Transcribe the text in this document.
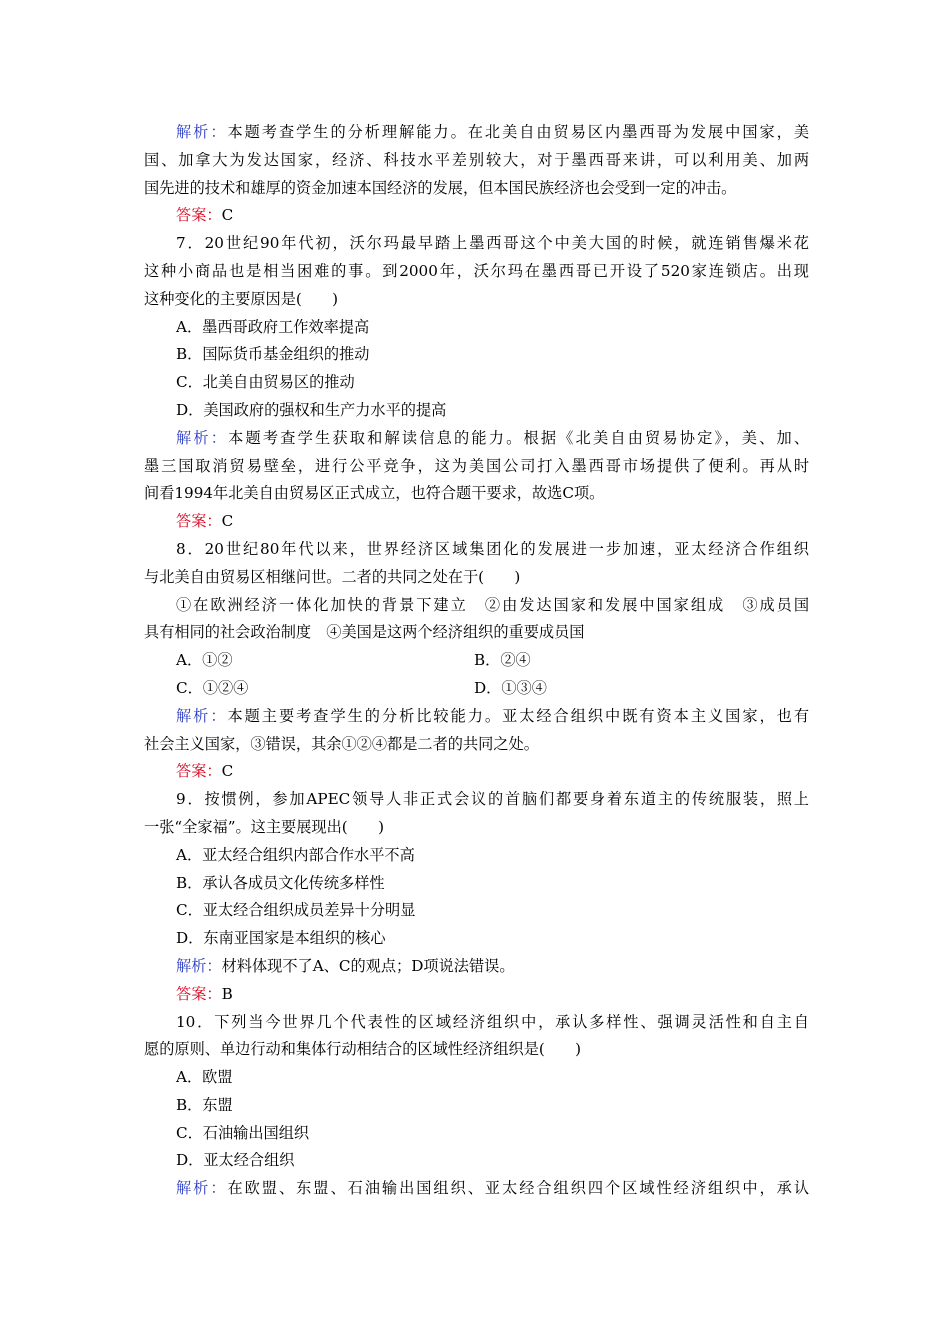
解析：本题考查学生的分析理解能力。在北美自由贸易区内墨西哥为发展中国家，美
国、加拿大为发达国家，经济、科技水平差别较大，对于墨西哥来讲，可以利用美、加两
国先进的技术和雄厚的资金加速本国经济的发展，但本国民族经济也会受到一定的冲击。
答案：C
7．20世纪90年代初，沃尔玛最早踏上墨西哥这个中美大国的时候，就连销售爆米花
这种小商品也是相当困难的事。到2000年，沃尔玛在墨西哥已开设了520家连锁店。出现
这种变化的主要原因是(　　)
A．墨西哥政府工作效率提高
B．国际货币基金组织的推动
C．北美自由贸易区的推动
D．美国政府的强权和生产力水平的提高
解析：本题考查学生获取和解读信息的能力。根据《北美自由贸易协定》，美、加、
墨三国取消贸易壁垒，进行公平竞争，这为美国公司打入墨西哥市场提供了便利。再从时
间看1994年北美自由贸易区正式成立，也符合题干要求，故选C项。
答案：C
8．20世纪80年代以来，世界经济区域集团化的发展进一步加速，亚太经济合作组织
与北美自由贸易区相继问世。二者的共同之处在于(　　)
①在欧洲经济一体化加快的背景下建立　②由发达国家和发展中国家组成　③成员国
具有相同的社会政治制度　④美国是这两个经济组织的重要成员国
A．①②	B．②④
C．①②④	D．①③④
解析：本题主要考查学生的分析比较能力。亚太经合组织中既有资本主义国家，也有
社会主义国家，③错误，其余①②④都是二者的共同之处。
答案：C
9．按惯例，参加APEC领导人非正式会议的首脑们都要身着东道主的传统服装，照上
一张“全家福”。这主要展现出(　　)
A．亚太经合组织内部合作水平不高
B．承认各成员文化传统多样性
C．亚太经合组织成员差异十分明显
D．东南亚国家是本组织的核心
解析：材料体现不了A、C的观点；D项说法错误。
答案：B
10．下列当今世界几个代表性的区域经济组织中，承认多样性、强调灵活性和自主自
愿的原则、单边行动和集体行动相结合的区域性经济组织是(　　)
A．欧盟
B．东盟
C．石油输出国组织
D．亚太经合组织
解析：在欧盟、东盟、石油输出国组织、亚太经合组织四个区域性经济组织中，承认
